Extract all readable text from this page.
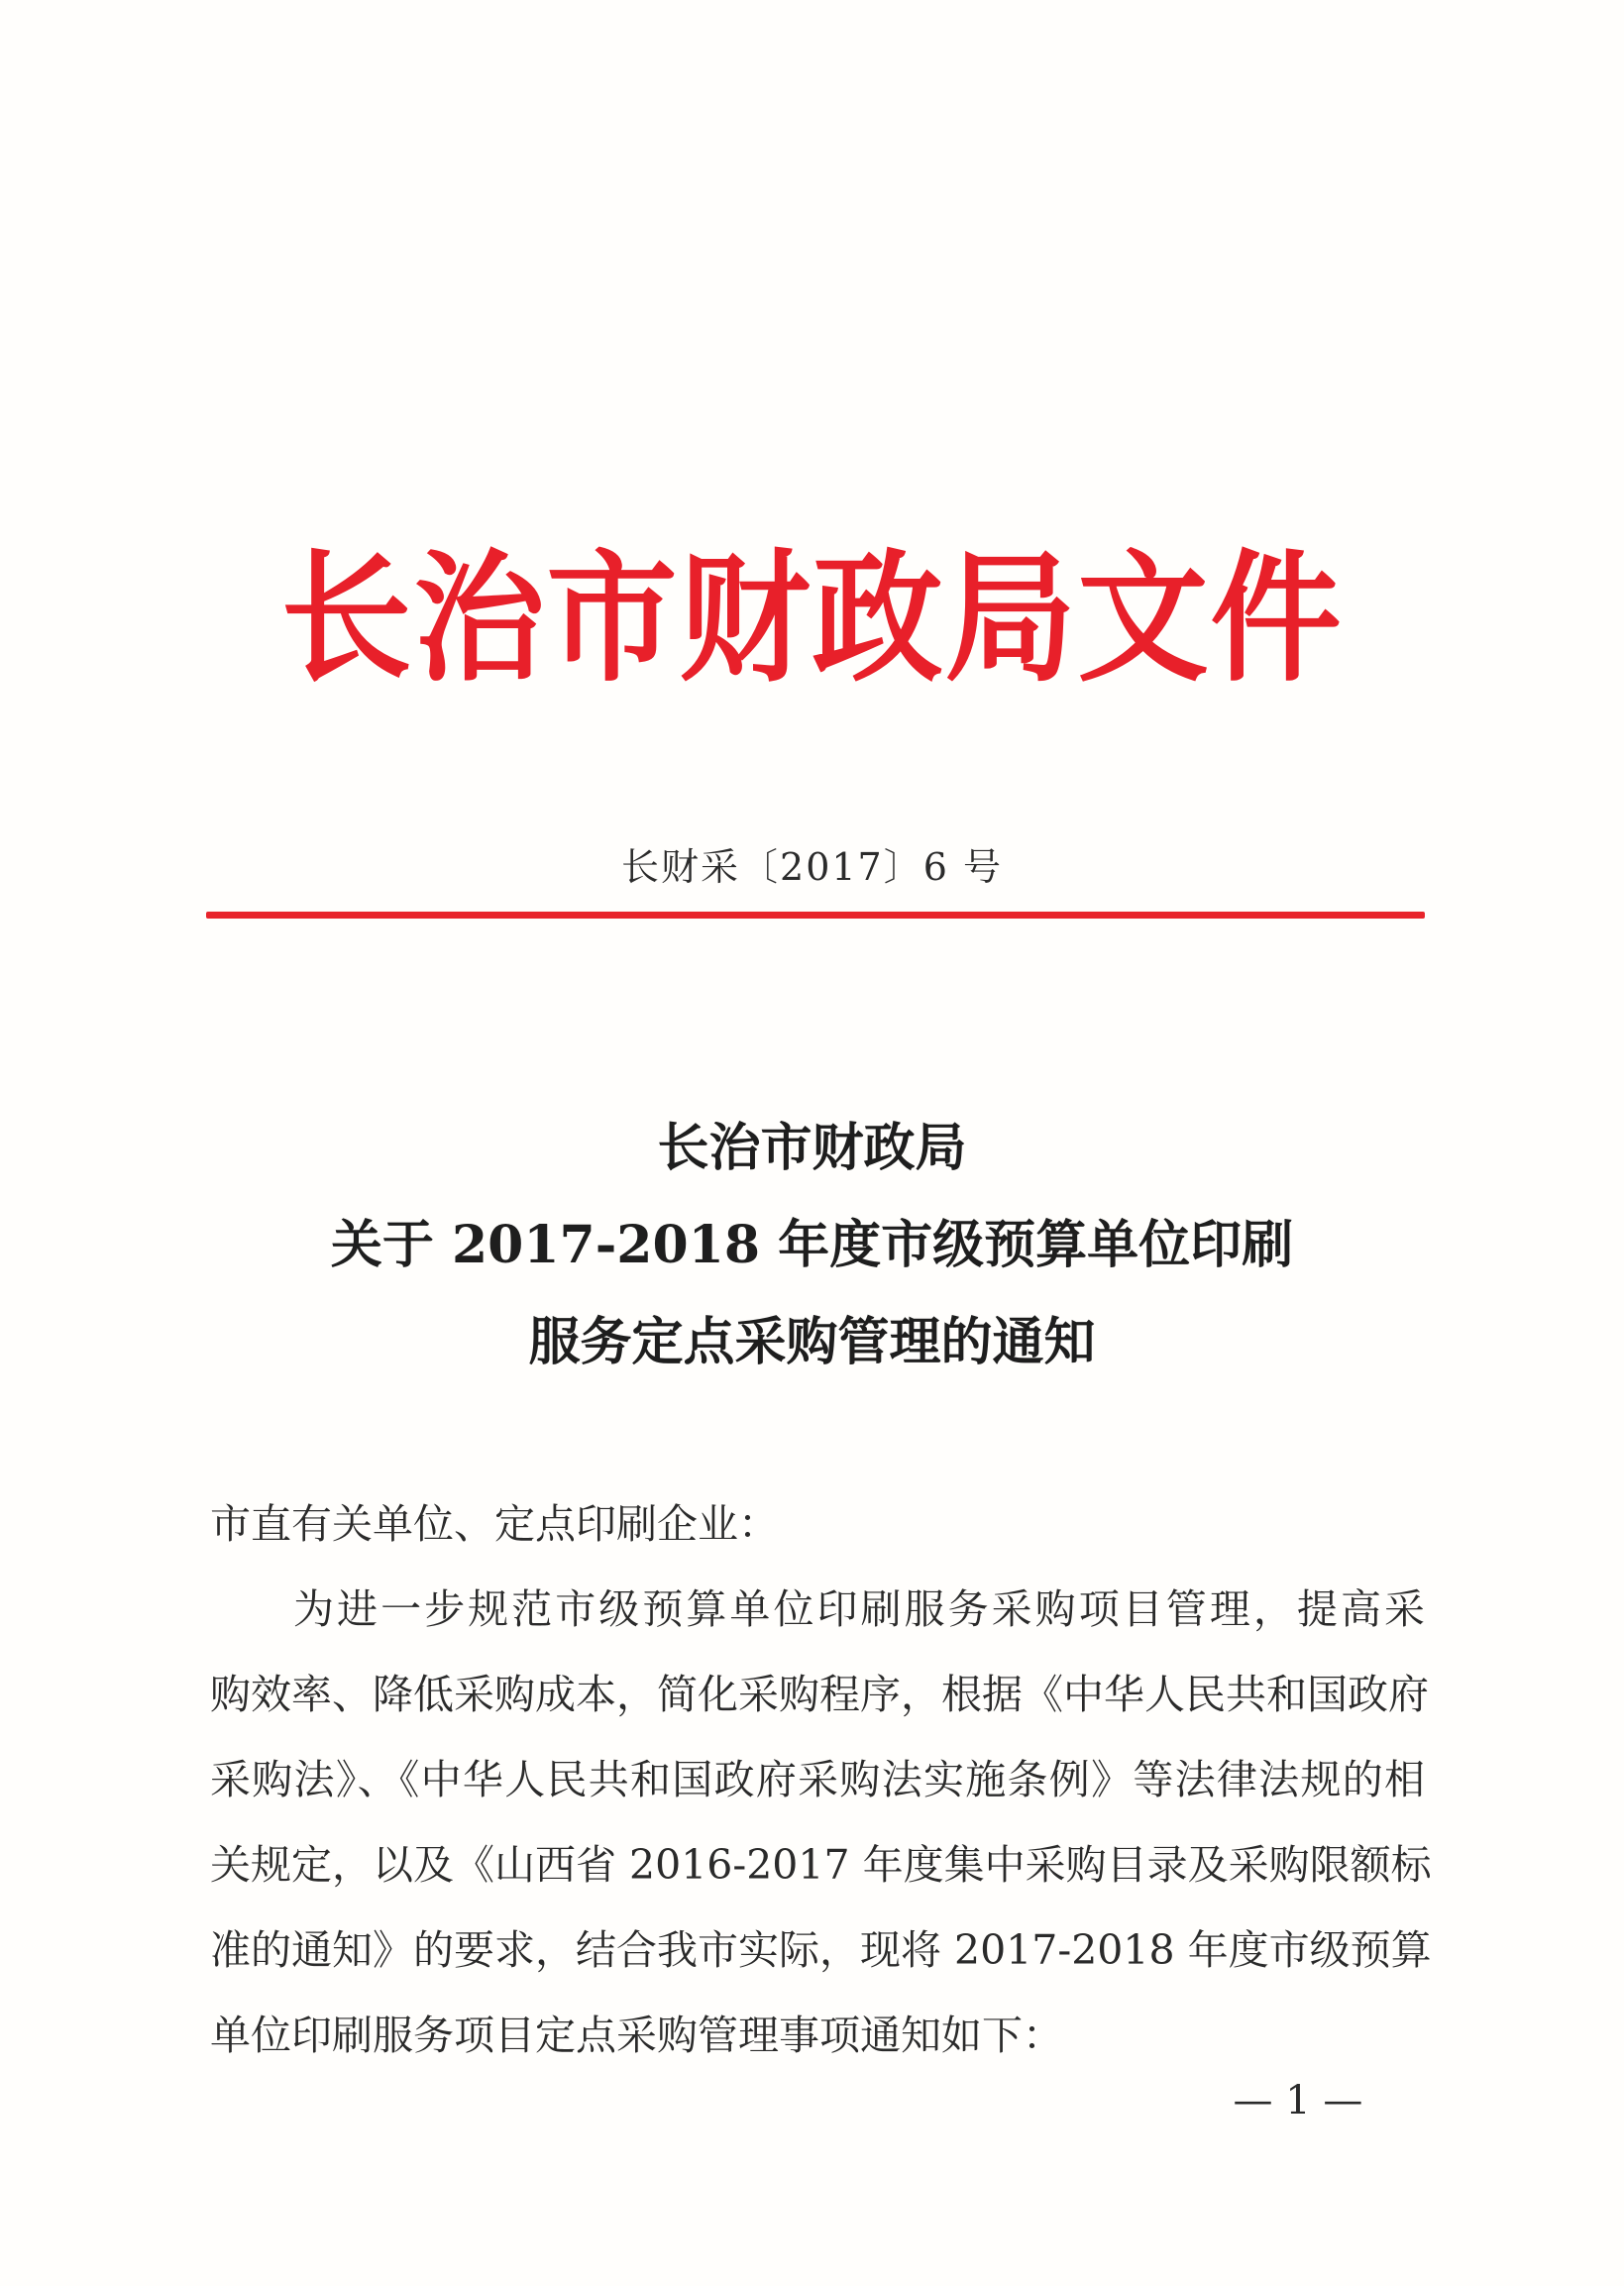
长治市财政局文件
长财采〔2017〕6 号
长治市财政局
关于 2017-2018 年度市级预算单位印刷
服务定点采购管理的通知
市直有关单位、定点印刷企业：
为进一步规范市级预算单位印刷服务采购项目管理，提高采
购效率、降低采购成本，简化采购程序，根据《中华人民共和国政府
采购法》、《中华人民共和国政府采购法实施条例》等法律法规的相
关规定，以及《山西省 2016-2017 年度集中采购目录及采购限额标
准的通知》的要求，结合我市实际，现将 2017-2018 年度市级预算
单位印刷服务项目定点采购管理事项通知如下：
— 1 —
